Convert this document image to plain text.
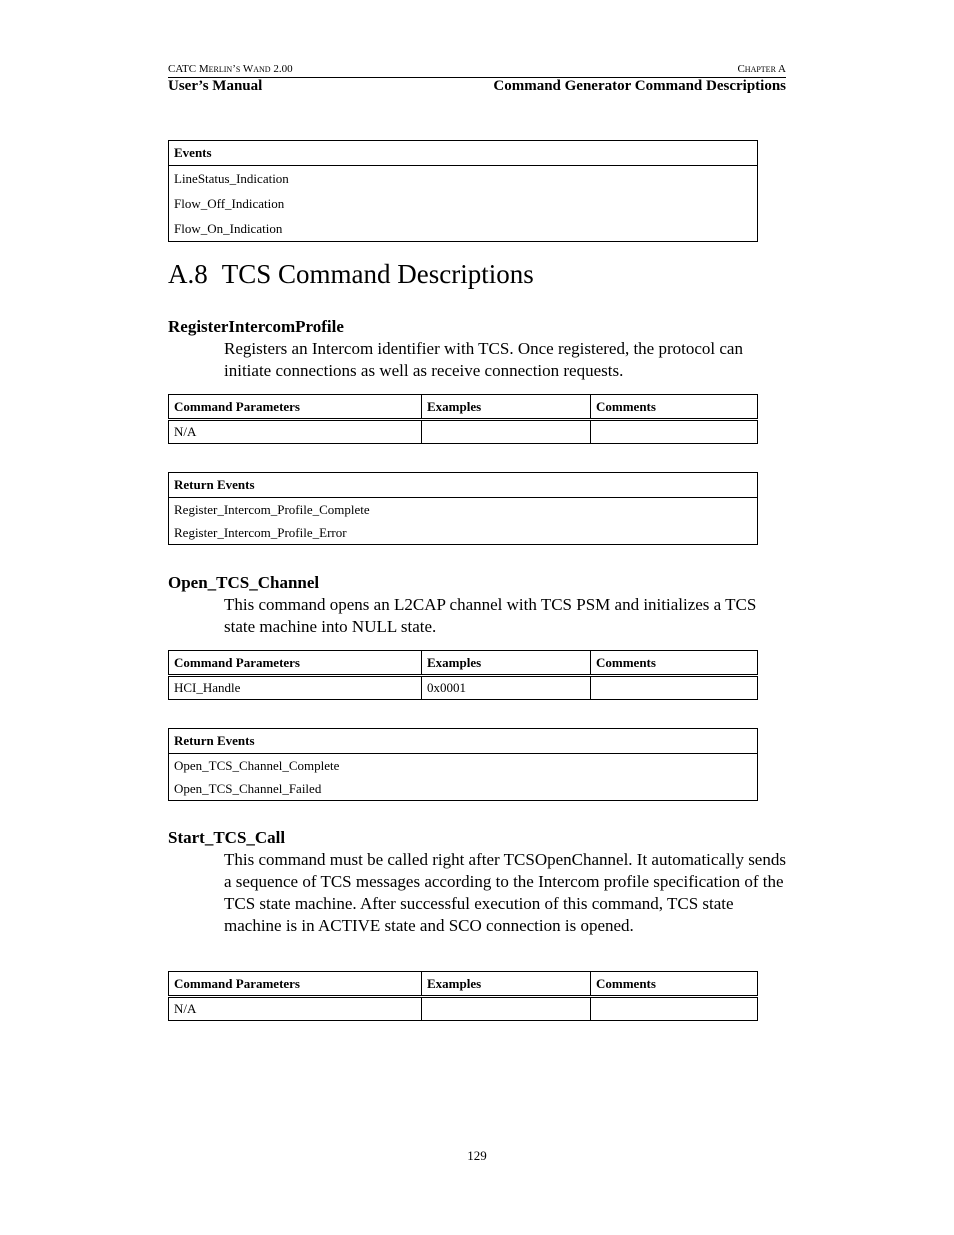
CATC Merlin’s Wand 2.00	Chapter A
User’s Manual	Command Generator Command Descriptions
Events
LineStatus_Indication
Flow_Off_Indication
Flow_On_Indication
A.8 TCS Command Descriptions
RegisterIntercomProfile

Registers an Intercom identifier with TCS. Once registered, the protocol can initiate connections as well as receive connection requests.

Command Parameters	Examples	Comments
N/A		
Return Events
Register_Intercom_Profile_Complete
Register_Intercom_Profile_Error
Open_TCS_Channel

This command opens an L2CAP channel with TCS PSM and initializes a TCS state machine into NULL state.

Command Parameters	Examples	Comments
HCI_Handle	0x0001	
Return Events
Open_TCS_Channel_Complete
Open_TCS_Channel_Failed
Start_TCS_Call

This command must be called right after TCSOpenChannel. It automatically sends a sequence of TCS messages according to the Intercom profile specification of the TCS state machine. After successful execution of this command, TCS state machine is in ACTIVE state and SCO connection is opened.

Command Parameters	Examples	Comments
N/A		
129
